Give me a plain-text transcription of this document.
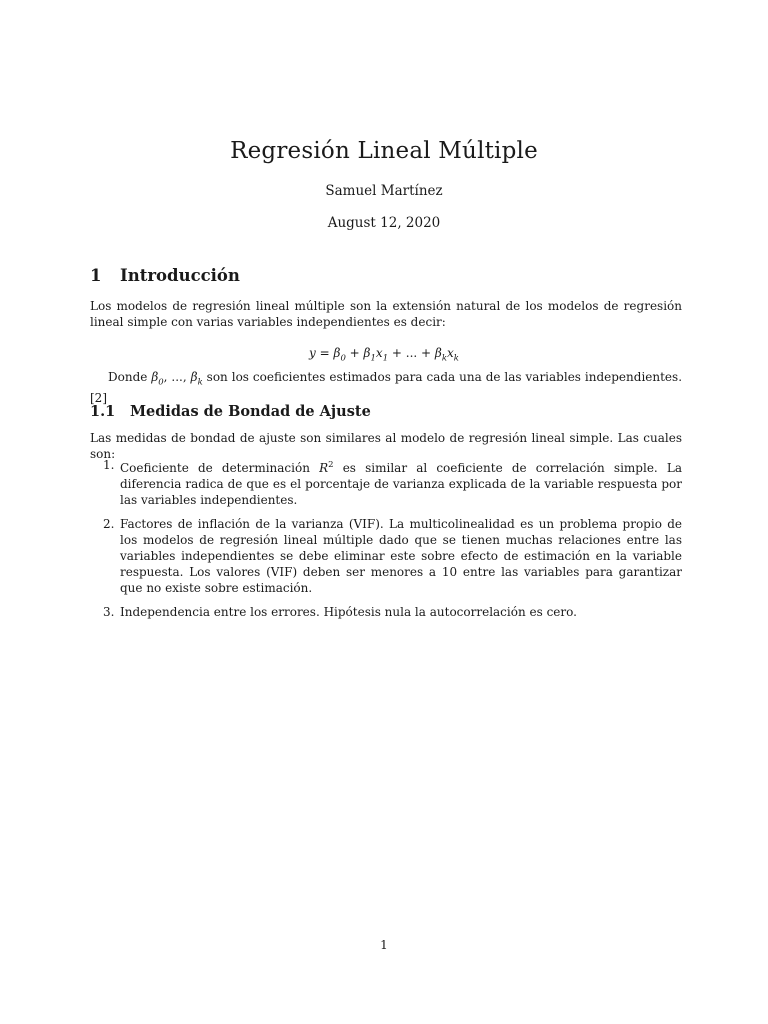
Regresión Lineal Múltiple
Samuel Martínez
August 12, 2020
1 Introducción
Los modelos de regresión lineal múltiple son la extensión natural de los modelos de regresión lineal simple con varias variables independientes es decir:
$y = \beta_0 + \beta_1x_1$ + ... + $\beta_kx_k$
Donde $\beta_0$, ..., $\beta_k$ son los coeficientes estimados para cada una de las variables independientes. [2]
1.1 Medidas de Bondad de Ajuste
Las medidas de bondad de ajuste son similares al modelo de regresión lineal simple. Las cuales son:
1. Coeficiente de determinación $R^2$ es similar al coeficiente de correlación simple. La diferencia radica de que es el porcentaje de varianza explicada de la variable respuesta por las variables independientes.
2. Factores de inflación de la varianza (VIF). La multicolinealidad es un problema propio de los modelos de regresión lineal múltiple dado que se tienen muchas relaciones entre las variables independientes se debe eliminar este sobre efecto de estimación en la variable respuesta. Los valores (VIF) deben ser menores a 10 entre las variables para garantizar que no existe sobre estimación.
3. Independencia entre los errores. Hipótesis nula la autocorrelación es cero.
1
